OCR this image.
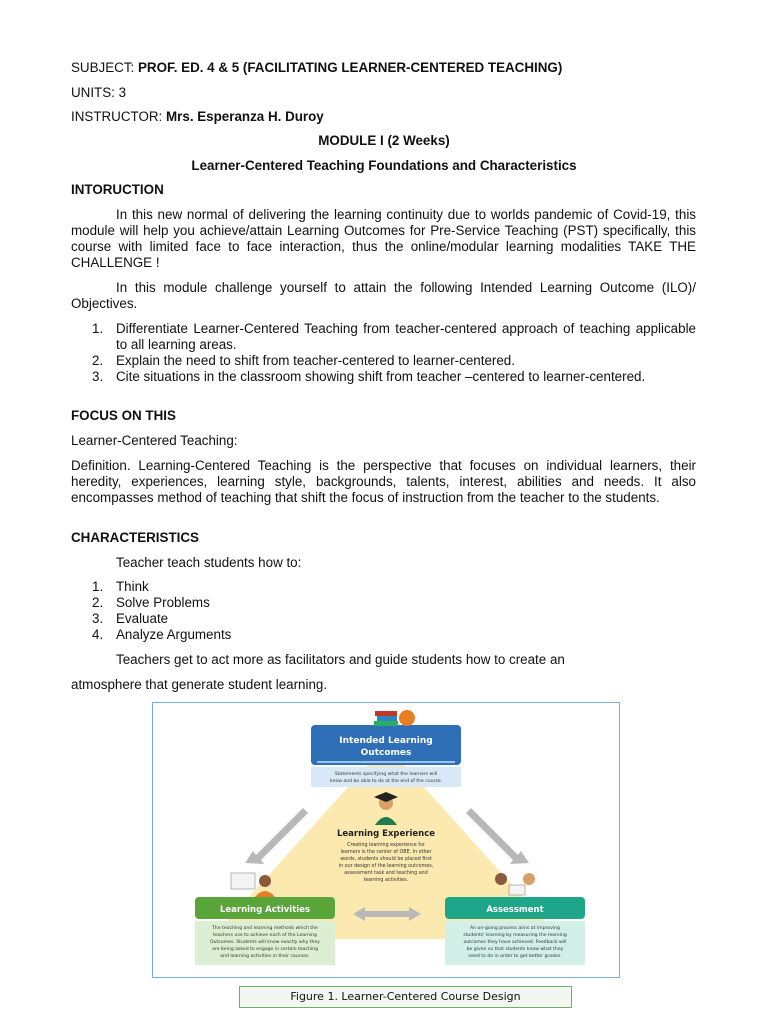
SUBJECT: PROF. ED. 4 & 5 (FACILITATING LEARNER-CENTERED TEACHING)
UNITS: 3
INSTRUCTOR: Mrs. Esperanza H. Duroy
MODULE I (2 Weeks)
Learner-Centered Teaching Foundations and Characteristics
INTORUCTION
In this new normal of delivering the learning continuity due to worlds pandemic of Covid-19, this module will help you achieve/attain Learning Outcomes for Pre-Service Teaching (PST) specifically, this course with limited face to face interaction, thus the online/modular learning modalities TAKE THE CHALLENGE !
In this module challenge yourself to attain the following Intended Learning Outcome (ILO)/ Objectives.
1. Differentiate Learner-Centered Teaching from teacher-centered approach of teaching applicable to all learning areas.
2. Explain the need to shift from teacher-centered to learner-centered.
3. Cite situations in the classroom showing shift from teacher –centered to learner-centered.
FOCUS ON THIS
Learner-Centered Teaching:
Definition. Learning-Centered Teaching is the perspective that focuses on individual learners, their heredity, experiences, learning style, backgrounds, talents, interest, abilities and needs. It also encompasses method of teaching that shift the focus of instruction from the teacher to the students.
CHARACTERISTICS
Teacher teach students how to:
1. Think
2. Solve Problems
3. Evaluate
4. Analyze Arguments
Teachers get to act more as facilitators and guide students how to create an
atmosphere that generate student learning.
Intended Learning
Outcomes
Statements specifying what the learners will
know and be able to do at the end of the course.
Learning Experience
Creating learning experience for
learners is the center of OBE. In other
words, students should be placed first
in our design of the learning outcomes,
assessment task and teaching and
learning activities.
Learning Activities
The teaching and learning methods which the
teachers use to achieve each of the Learning
Outcomes. Students will know exactly why they
are being asked to engage in certain teaching
and learning activities in their courses.
Assessment
An on-going process aims at improving
students' learning by measuring the learning
outcomes they have achieved. Feedback will
be given so that students know what they
need to do in order to get better grades.
Figure 1. Learner-Centered Course Design
